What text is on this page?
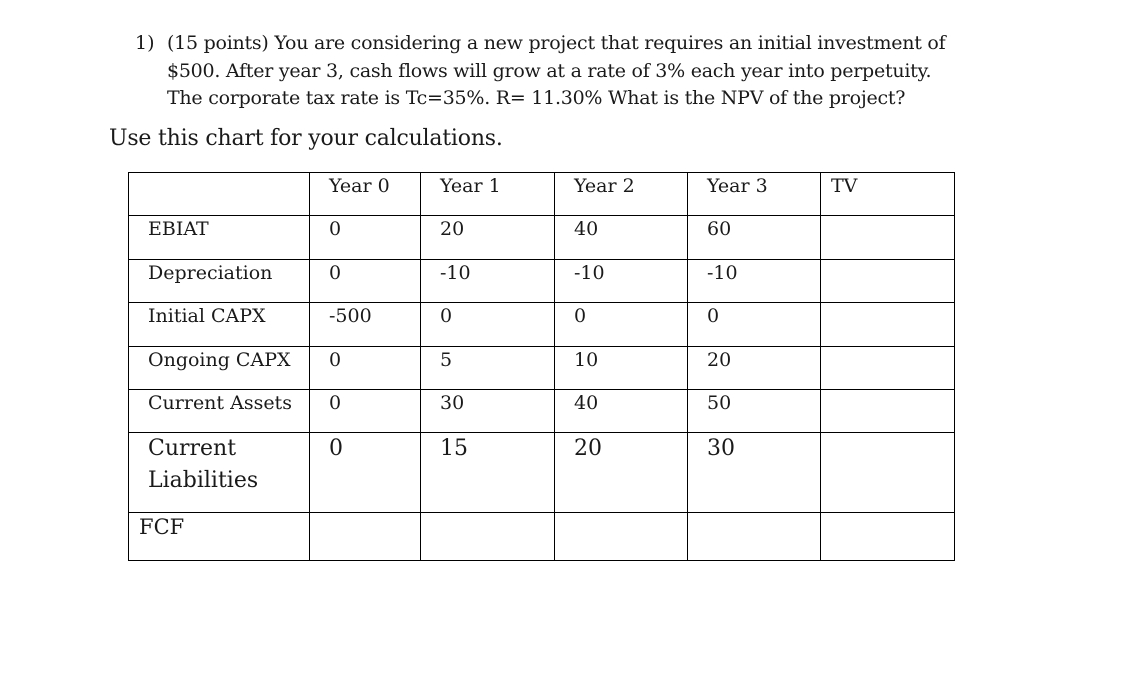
1) (15 points) You are considering a new project that requires an initial investment of
$500. After year 3, cash flows will grow at a rate of 3% each year into perpetuity.
The corporate tax rate is Tc=35%. R= 11.30% What is the NPV of the project?
Use this chart for your calculations.

	Year 0	Year 1	Year 2	Year 3	TV

EBIAT	0	20	40	60	

Depreciation	0	-10	-10	-10	

Initial CAPX	-500	0	0	0	

Ongoing CAPX	0	5	10	20	

Current Assets	0	30	40	50	

Current Liabilities	0	15	20	30	

FCF					
